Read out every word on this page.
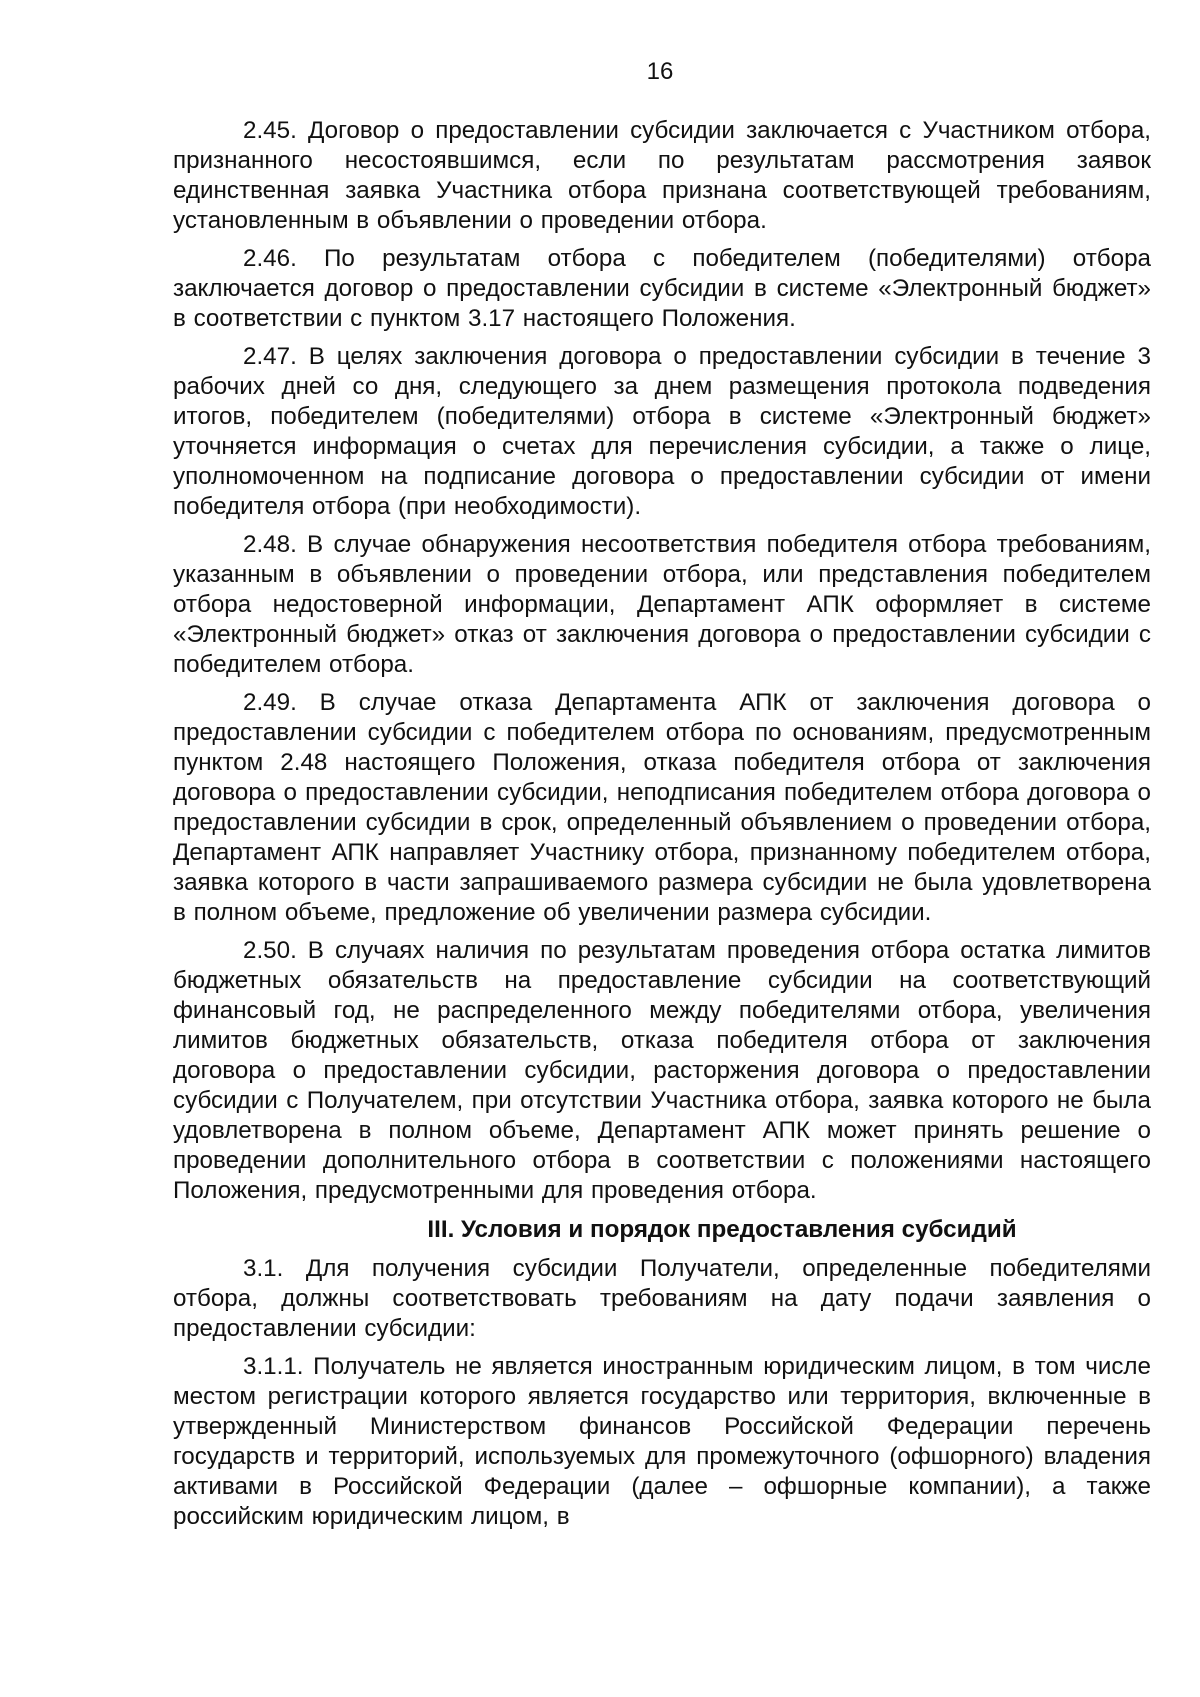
16

2.45. Договор о предоставлении субсидии заключается с Участником отбора, признанного несостоявшимся, если по результатам рассмотрения заявок единственная заявка Участника отбора признана соответствующей требованиям, установленным в объявлении о проведении отбора.

2.46. По результатам отбора с победителем (победителями) отбора заключается договор о предоставлении субсидии в системе «Электронный бюджет» в соответствии с пунктом 3.17 настоящего Положения.

2.47. В целях заключения договора о предоставлении субсидии в течение 3 рабочих дней со дня, следующего за днем размещения протокола подведения итогов, победителем (победителями) отбора в системе «Электронный бюджет» уточняется информация о счетах для перечисления субсидии, а также о лице, уполномоченном на подписание договора о предоставлении субсидии от имени победителя отбора (при необходимости).

2.48. В случае обнаружения несоответствия победителя отбора требованиям, указанным в объявлении о проведении отбора, или представления победителем отбора недостоверной информации, Департамент АПК оформляет в системе «Электронный бюджет» отказ от заключения договора о предоставлении субсидии с победителем отбора.

2.49. В случае отказа Департамента АПК от заключения договора о предоставлении субсидии с победителем отбора по основаниям, предусмотренным пунктом 2.48 настоящего Положения, отказа победителя отбора от заключения договора о предоставлении субсидии, неподписания победителем отбора договора о предоставлении субсидии в срок, определенный объявлением о проведении отбора, Департамент АПК направляет Участнику отбора, признанному победителем отбора, заявка которого в части запрашиваемого размера субсидии не была удовлетворена в полном объеме, предложение об увеличении размера субсидии.

2.50. В случаях наличия по результатам проведения отбора остатка лимитов бюджетных обязательств на предоставление субсидии на соответствующий финансовый год, не распределенного между победителями отбора, увеличения лимитов бюджетных обязательств, отказа победителя отбора от заключения договора о предоставлении субсидии, расторжения договора о предоставлении субсидии с Получателем, при отсутствии Участника отбора, заявка которого не была удовлетворена в полном объеме, Департамент АПК может принять решение о проведении дополнительного отбора в соответствии с положениями настоящего Положения, предусмотренными для проведения отбора.

III. Условия и порядок предоставления субсидий

3.1. Для получения субсидии Получатели, определенные победителями отбора, должны соответствовать требованиям на дату подачи заявления о предоставлении субсидии:

3.1.1. Получатель не является иностранным юридическим лицом, в том числе местом регистрации которого является государство или территория, включенные в утвержденный Министерством финансов Российской Федерации перечень государств и территорий, используемых для промежуточного (офшорного) владения активами в Российской Федерации (далее – офшорные компании), а также российским юридическим лицом, в
